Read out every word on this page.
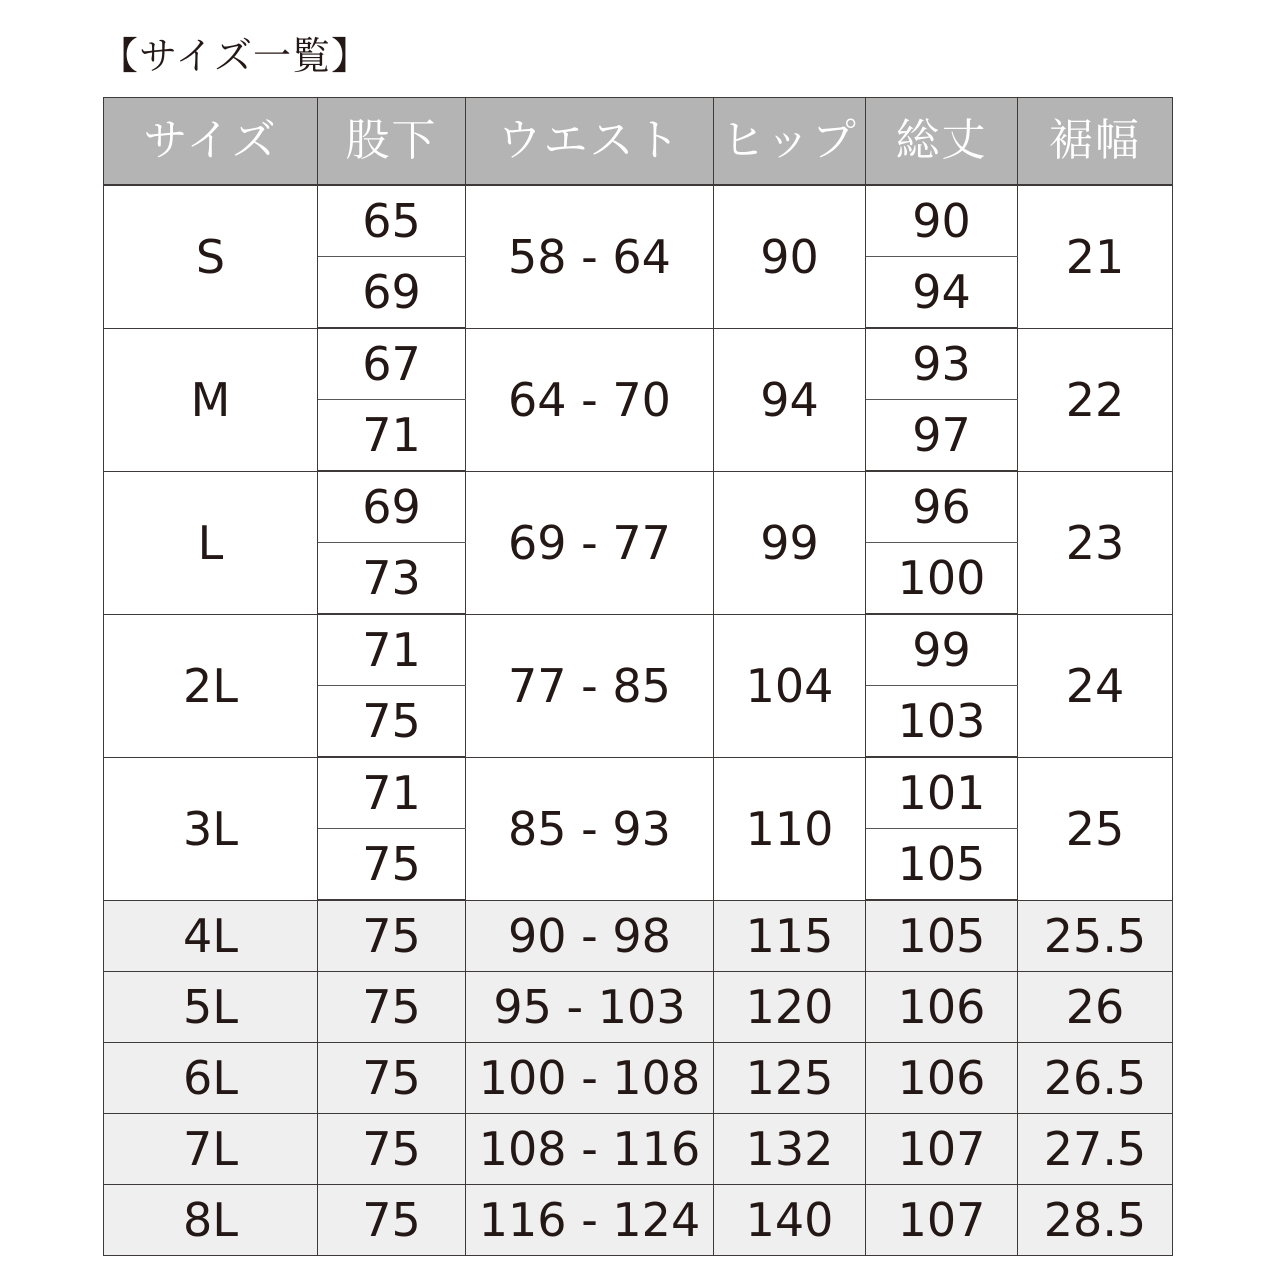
【サイズ一覧】
サイズ	股下	ウエスト	ヒップ	総丈	裾幅
S	65	58 - 64	90	90	21
	69			94	
M	67	64 - 70	94	93	22
	71			97	
L	69	69 - 77	99	96	23
	73			100	
2L	71	77 - 85	104	99	24
	75			103	
3L	71	85 - 93	110	101	25
	75			105	
4L	75	90 - 98	115	105	25.5
5L	75	95 - 103	120	106	26
6L	75	100 - 108	125	106	26.5
7L	75	108 - 116	132	107	27.5
8L	75	116 - 124	140	107	28.5
